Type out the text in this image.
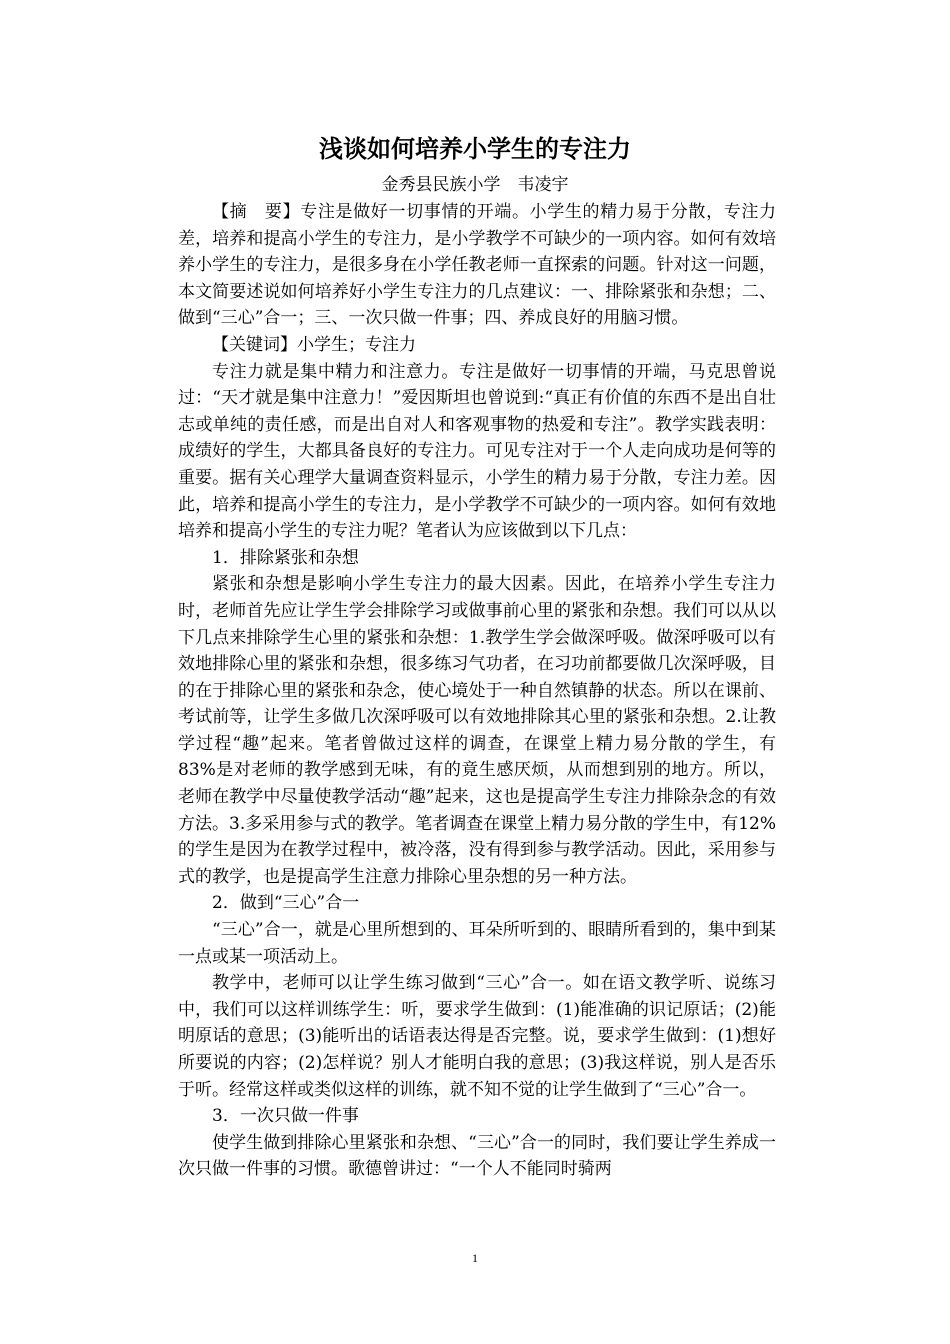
浅谈如何培养小学生的专注力
金秀县民族小学　韦凌宇

【摘　要】专注是做好一切事情的开端。小学生的精力易于分散，专注力差，培养和提高小学生的专注力，是小学教学不可缺少的一项内容。如何有效培养小学生的专注力，是很多身在小学任教老师一直探索的问题。针对这一问题，本文简要述说如何培养好小学生专注力的几点建议：一、排除紧张和杂想；二、做到“三心”合一；三、一次只做一件事；四、养成良好的用脑习惯。

【关键词】小学生；专注力

专注力就是集中精力和注意力。专注是做好一切事情的开端，马克思曾说过：“天才就是集中注意力！”爱因斯坦也曾说到:“真正有价值的东西不是出自壮志或单纯的责任感，而是出自对人和客观事物的热爱和专注”。教学实践表明：成绩好的学生，大都具备良好的专注力。可见专注对于一个人走向成功是何等的重要。据有关心理学大量调查资料显示，小学生的精力易于分散，专注力差。因此，培养和提高小学生的专注力，是小学教学不可缺少的一项内容。如何有效地培养和提高小学生的专注力呢？笔者认为应该做到以下几点：

1．排除紧张和杂想

紧张和杂想是影响小学生专注力的最大因素。因此，在培养小学生专注力时，老师首先应让学生学会排除学习或做事前心里的紧张和杂想。我们可以从以下几点来排除学生心里的紧张和杂想：1.教学生学会做深呼吸。做深呼吸可以有效地排除心里的紧张和杂想，很多练习气功者，在习功前都要做几次深呼吸，目的在于排除心里的紧张和杂念，使心境处于一种自然镇静的状态。所以在课前、考试前等，让学生多做几次深呼吸可以有效地排除其心里的紧张和杂想。2.让教学过程“趣”起来。笔者曾做过这样的调查，在课堂上精力易分散的学生，有83%是对老师的教学感到无味，有的竟生感厌烦，从而想到别的地方。所以，老师在教学中尽量使教学活动“趣”起来，这也是提高学生专注力排除杂念的有效方法。3.多采用参与式的教学。笔者调查在课堂上精力易分散的学生中，有12%的学生是因为在教学过程中，被冷落，没有得到参与教学活动。因此，采用参与式的教学，也是提高学生注意力排除心里杂想的另一种方法。

2．做到“三心”合一

“三心”合一，就是心里所想到的、耳朵所听到的、眼睛所看到的，集中到某一点或某一项活动上。

教学中，老师可以让学生练习做到“三心”合一。如在语文教学听、说练习中，我们可以这样训练学生：听，要求学生做到：(1)能准确的识记原话；(2)能明原话的意思；(3)能听出的话语表达得是否完整。说，要求学生做到：(1)想好所要说的内容；(2)怎样说？别人才能明白我的意思；(3)我这样说，别人是否乐于听。经常这样或类似这样的训练，就不知不觉的让学生做到了“三心”合一。

3．一次只做一件事

使学生做到排除心里紧张和杂想、“三心”合一的同时，我们要让学生养成一次只做一件事的习惯。歌德曾讲过：“一个人不能同时骑两

1
